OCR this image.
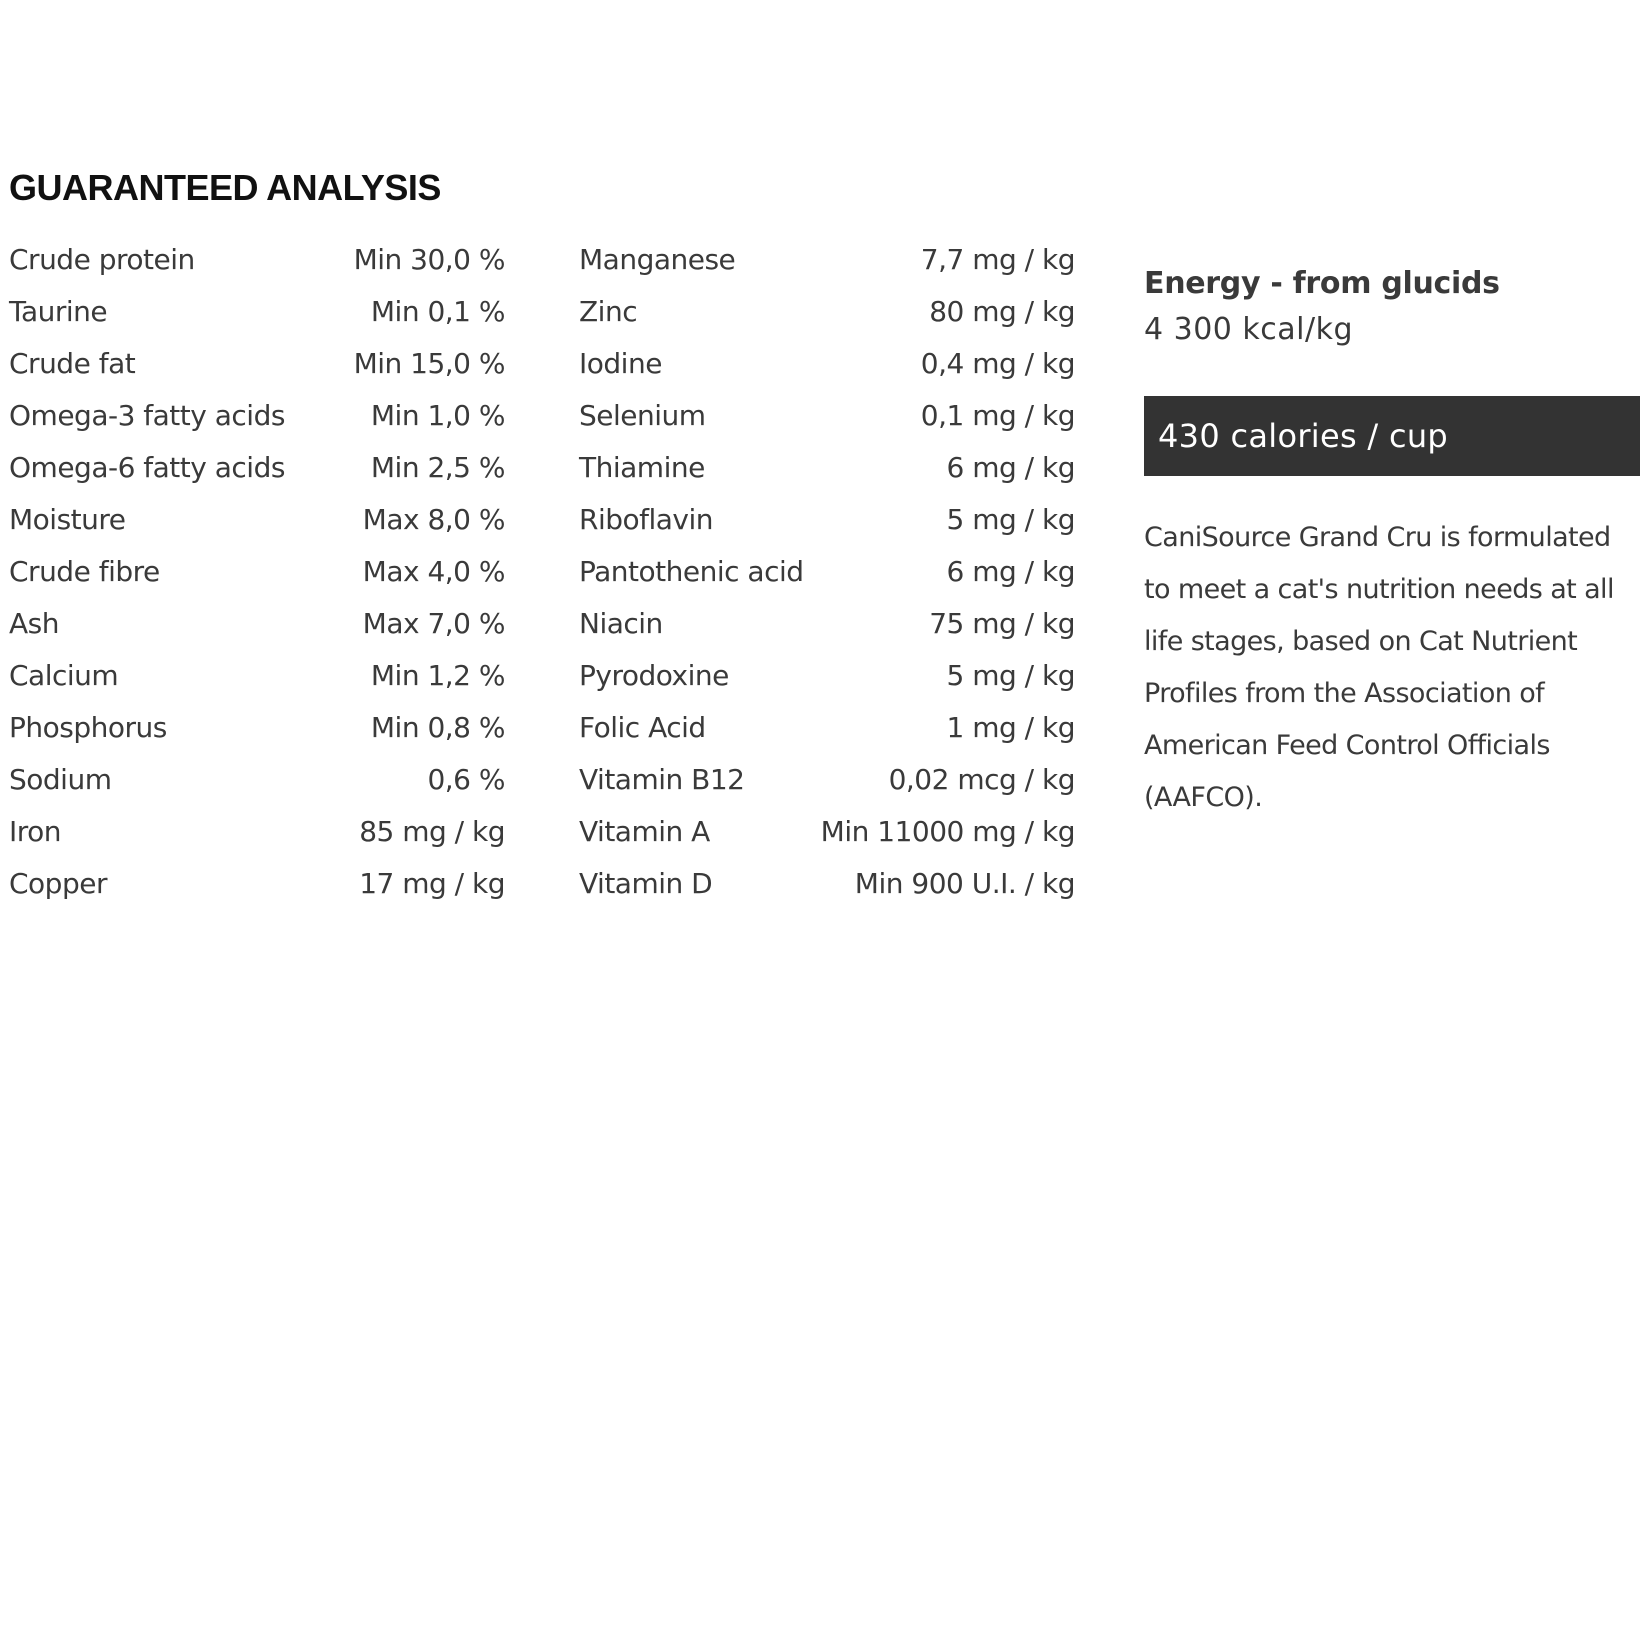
GUARANTEED ANALYSIS
Crude protein	Min 30,0 %
Taurine	Min 0,1 %
Crude fat	Min 15,0 %
Omega-3 fatty acids	Min 1,0 %
Omega-6 fatty acids	Min 2,5 %
Moisture	Max 8,0 %
Crude fibre	Max 4,0 %
Ash	Max 7,0 %
Calcium	Min 1,2 %
Phosphorus	Min 0,8 %
Sodium	0,6 %
Iron	85 mg / kg
Copper	17 mg / kg
Manganese	7,7 mg / kg
Zinc	80 mg / kg
Iodine	0,4 mg / kg
Selenium	0,1 mg / kg
Thiamine	6 mg / kg
Riboflavin	5 mg / kg
Pantothenic acid	6 mg / kg
Niacin	75 mg / kg
Pyrodoxine	5 mg / kg
Folic Acid	1 mg / kg
Vitamin B12	0,02 mcg / kg
Vitamin A	Min 11000 mg / kg
Vitamin D	Min 900 U.I. / kg
Energy - from glucids
4 300 kcal/kg
430 calories / cup

CaniSource Grand Cru is formulated to meet a cat's nutrition needs at all life stages, based on Cat Nutrient Profiles from the Association of American Feed Control Officials (AAFCO).
